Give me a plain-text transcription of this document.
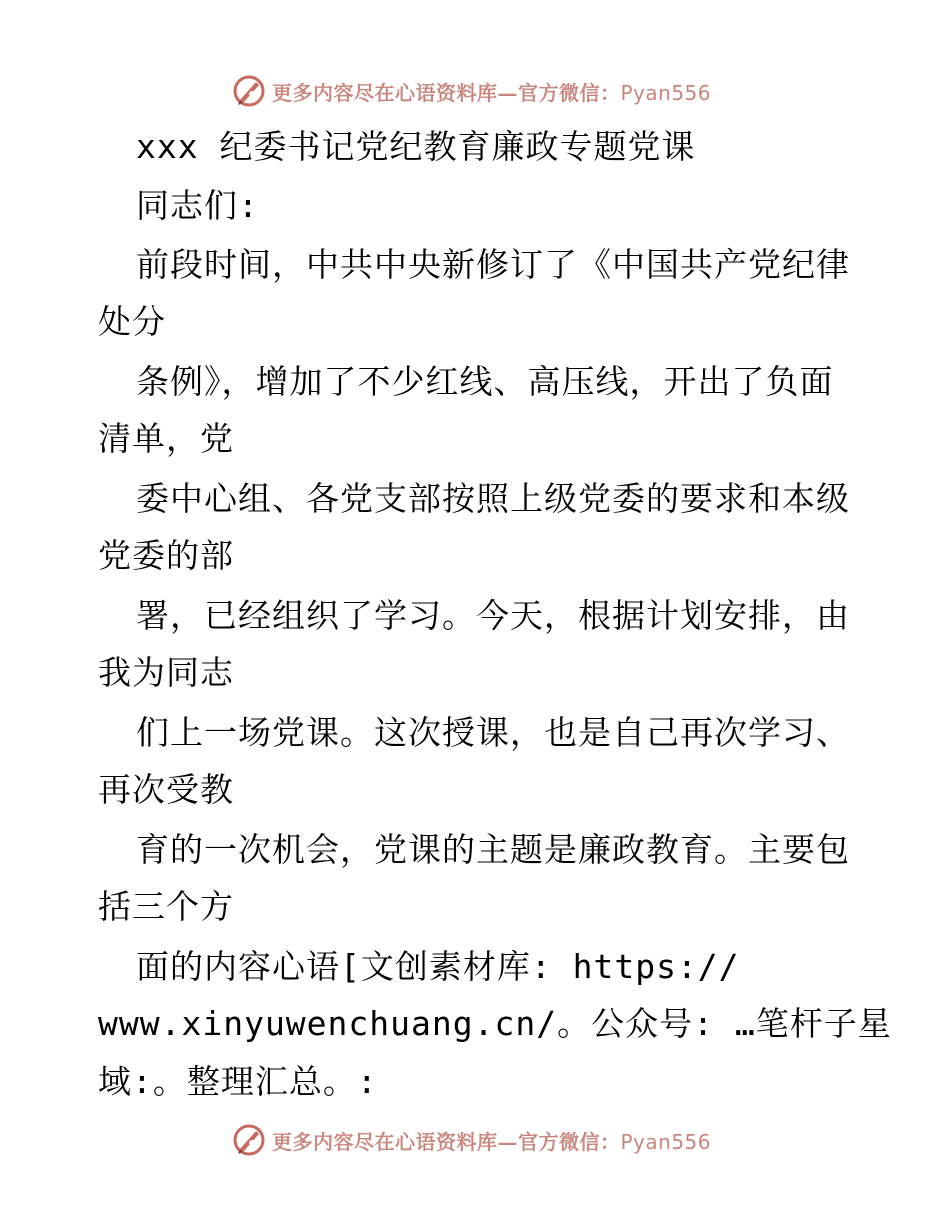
更多内容尽在心语资料库—官方微信：Pyan556
xxx 纪委书记党纪教育廉政专题党课
同志们:
前段时间，中共中央新修订了《中国共产党纪律
处分
条例》，增加了不少红线、高压线，开出了负面
清单，党
委中心组、各党支部按照上级党委的要求和本级
党委的部
署，已经组织了学习。今天，根据计划安排，由
我为同志
们上一场党课。这次授课，也是自己再次学习、
再次受教
育的一次机会，党课的主题是廉政教育。主要包
括三个方
面的内容心语[文创素材库: https://
www.xinyuwenchuang.cn/。公众号: …笔杆子星
域:。整理汇总。:
更多内容尽在心语资料库—官方微信：Pyan556
